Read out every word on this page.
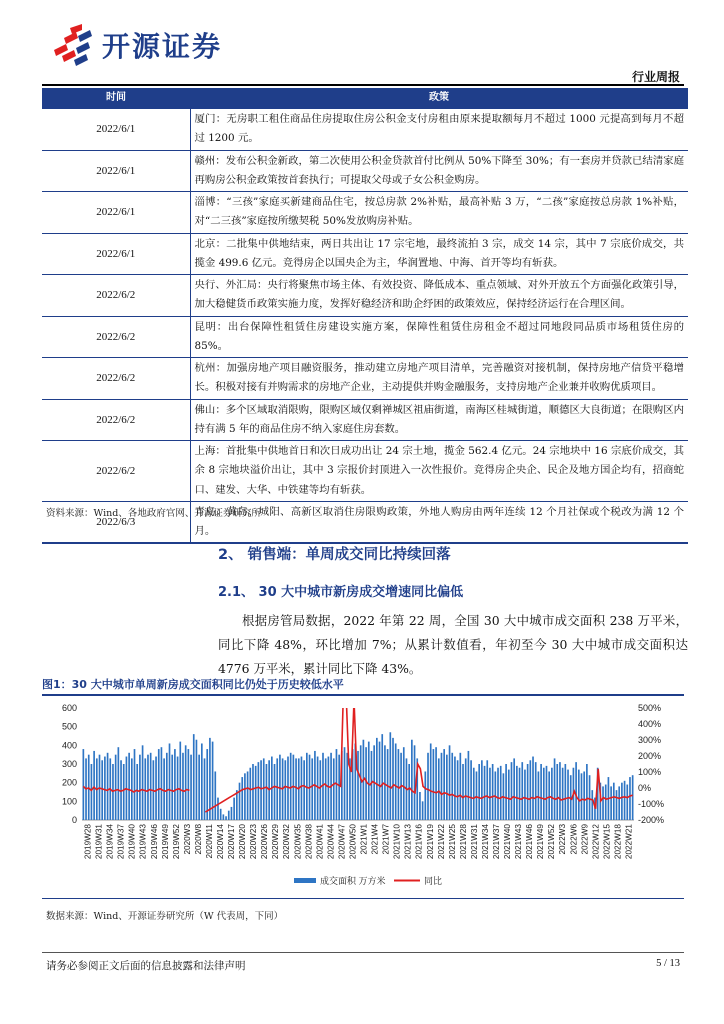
开源证券
行业周报
时间	政策
2022/6/1	厦门：无房职工租住商品住房提取住房公积金支付房租由原来提取额每月不超过 1000 元提高到每月不超过 1200 元。
2022/6/1	赣州：发布公积金新政，第二次使用公积金贷款首付比例从 50%下降至 30%；有一套房并贷款已结清家庭再购房公积金政策按首套执行；可提取父母或子女公积金购房。
2022/6/1	淄博：“三孩”家庭买新建商品住宅，按总房款 2%补贴，最高补贴 3 万，“二孩”家庭按总房款 1%补贴，对“二三孩”家庭按所缴契税 50%发放购房补贴。
2022/6/1	北京：二批集中供地结束，两日共出让 17 宗宅地，最终流拍 3 宗，成交 14 宗，其中 7 宗底价成交，共揽金 499.6 亿元。竞得房企以国央企为主，华润置地、中海、首开等均有斩获。
2022/6/2	央行、外汇局：央行将聚焦市场主体、有效投资、降低成本、重点领域、对外开放五个方面强化政策引导，加大稳健货币政策实施力度，发挥好稳经济和助企纾困的政策效应，保持经济运行在合理区间。
2022/6/2	昆明：出台保障性租赁住房建设实施方案，保障性租赁住房租金不超过同地段同品质市场租赁住房的 85%。
2022/6/2	杭州：加强房地产项目融资服务，推动建立房地产项目清单，完善融资对接机制，保持房地产信贷平稳增长。积极对接有并购需求的房地产企业，主动提供并购金融服务，支持房地产企业兼并收购优质项目。
2022/6/2	佛山：多个区域取消限购，限购区域仅剩禅城区祖庙街道，南海区桂城街道，顺德区大良街道；在限购区内持有满 5 年的商品住房不纳入家庭住房套数。
2022/6/2	上海：首批集中供地首日和次日成功出让 24 宗土地，揽金 562.4 亿元。24 宗地块中 16 宗底价成交，其余 8 宗地块溢价出让，其中 3 宗报价封顶进入一次性报价。竞得房企央企、民企及地方国企均有，招商蛇口、建发、大华、中铁建等均有斩获。
2022/6/3	青岛：黄岛、城阳、高新区取消住房限购政策，外地人购房由两年连续 12 个月社保或个税改为满 12 个月。
资料来源：Wind、各地政府官网、开源证券研究所
2、 销售端：单周成交同比持续回落
2.1、 30 大中城市新房成交增速同比偏低
根据房管局数据，2022 年第 22 周，全国 30 大中城市成交面积 238 万平米，同比下降 48%，环比增加 7%；从累计数值看，年初至今 30 大中城市成交面积达 4776 万平米，累计同比下降 43%。
图1：30 大中城市单周新房成交面积同比仍处于历史较低水平
0
100
200
300
400
500
600
-200%
-100%
0%
100%
200%
300%
400%
500%
2019W28 2019W31 2019W34 2019W37 2019W40 2019W43 2019W46 2019W49 2019W52 2020W3 2020W8 2020W11 2020W14 2020W17 2020W20 2020W23 2020W26 2020W29 2020W32 2020W35 2020W38 2020W41 2020W44 2020W47 2020W50 2021W1 2021W4 2021W7 2021W10 2021W13 2021W16 2021W19 2021W22 2021W25 2021W28 2021W31 2021W34 2021W37 2021W40 2021W43 2021W46 2021W49 2021W52 2022W3 2022W6 2022W9 2022W12 2022W15 2022W18 2022W21
成交面积 万方米	同比
数据来源：Wind、开源证券研究所（W 代表周，下同）
请务必参阅正文后面的信息披露和法律声明	5 / 13
